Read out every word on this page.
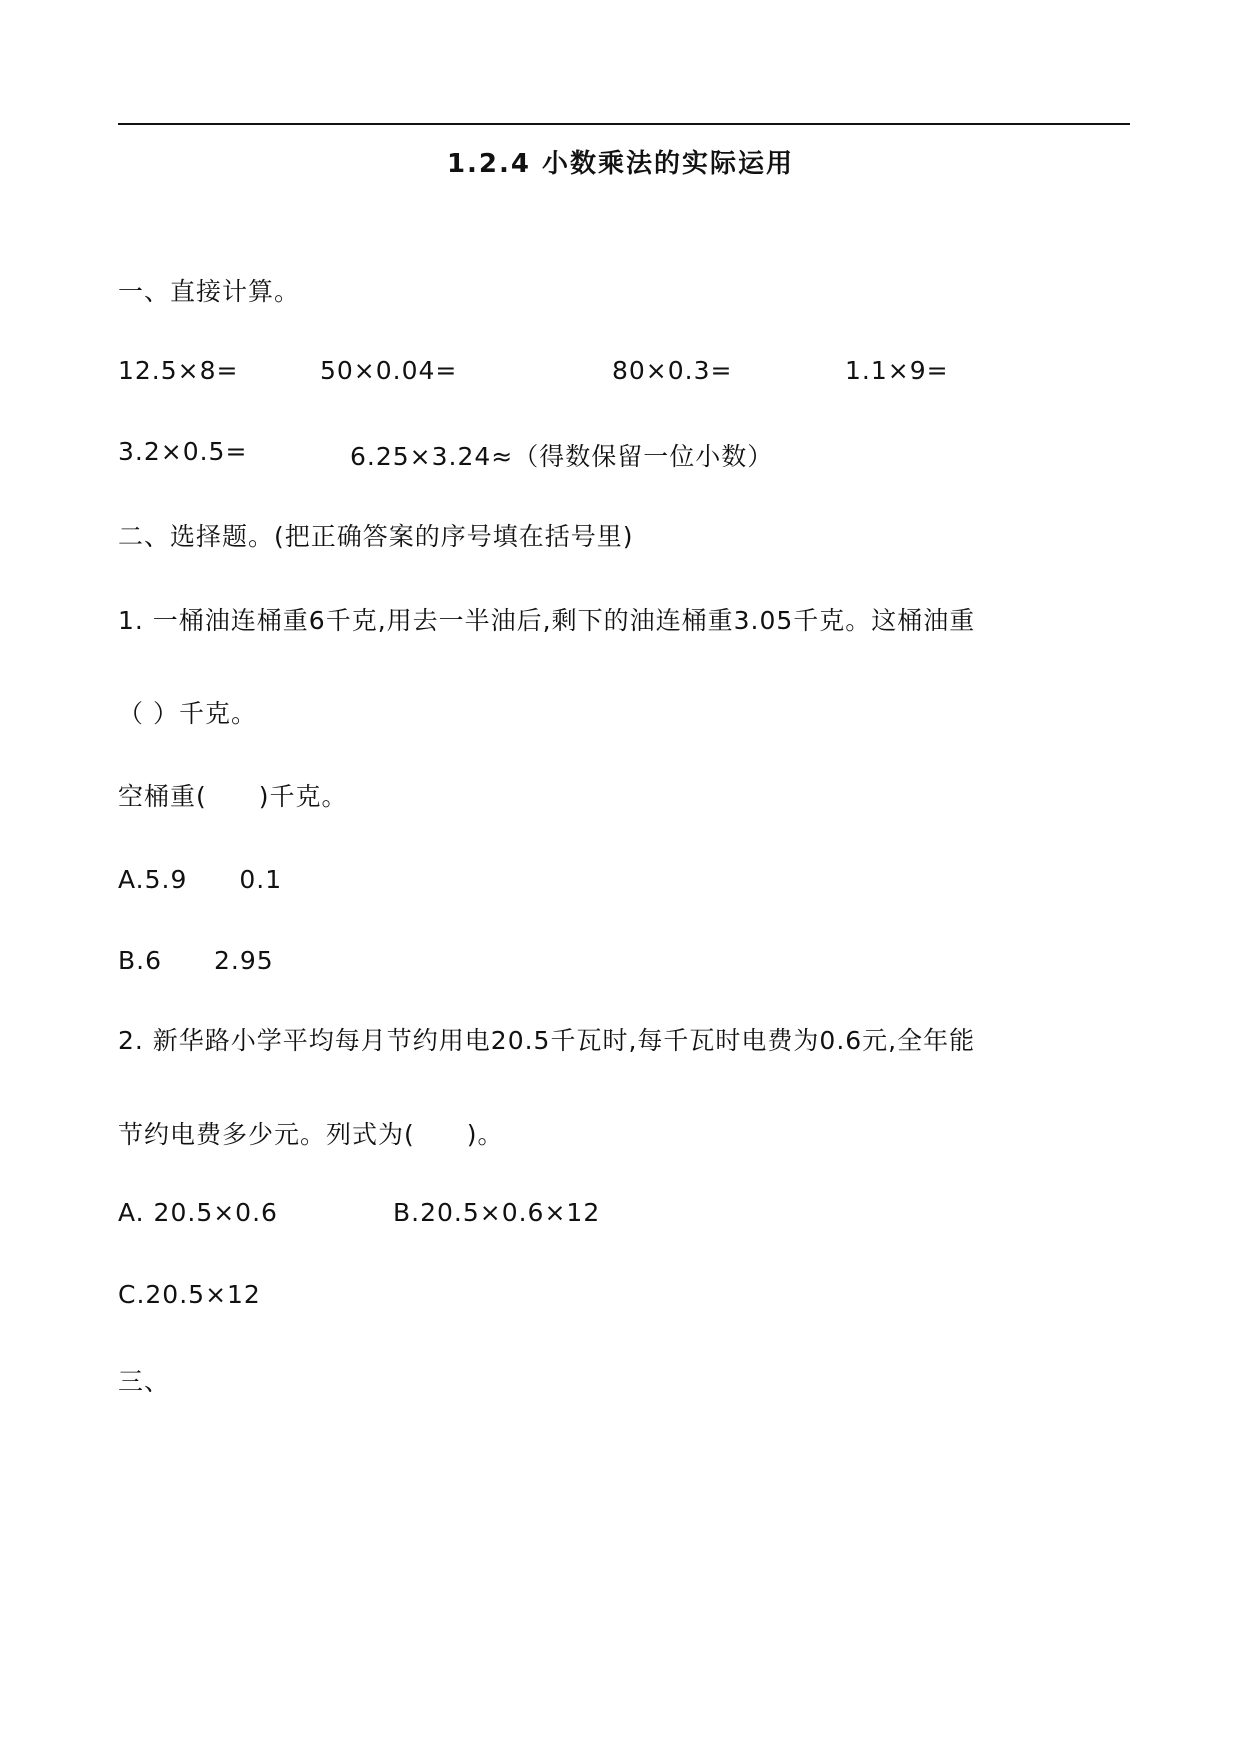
1.2.4 小数乘法的实际运用
一、直接计算。
12.5×8=	50×0.04=	80×0.3=	1.1×9=
3.2×0.5=	6.25×3.24≈（得数保留一位小数）
二、选择题。(把正确答案的序号填在括号里)
1. 一桶油连桶重6千克,用去一半油后,剩下的油连桶重3.05千克。这桶油重
（ ）千克。
空桶重(　　)千克。
A.5.9　　0.1
B.6　　2.95
2. 新华路小学平均每月节约用电20.5千瓦时,每千瓦时电费为0.6元,全年能
节约电费多少元。列式为(　　)。
A. 20.5×0.6	B.20.5×0.6×12
C.20.5×12
三、
